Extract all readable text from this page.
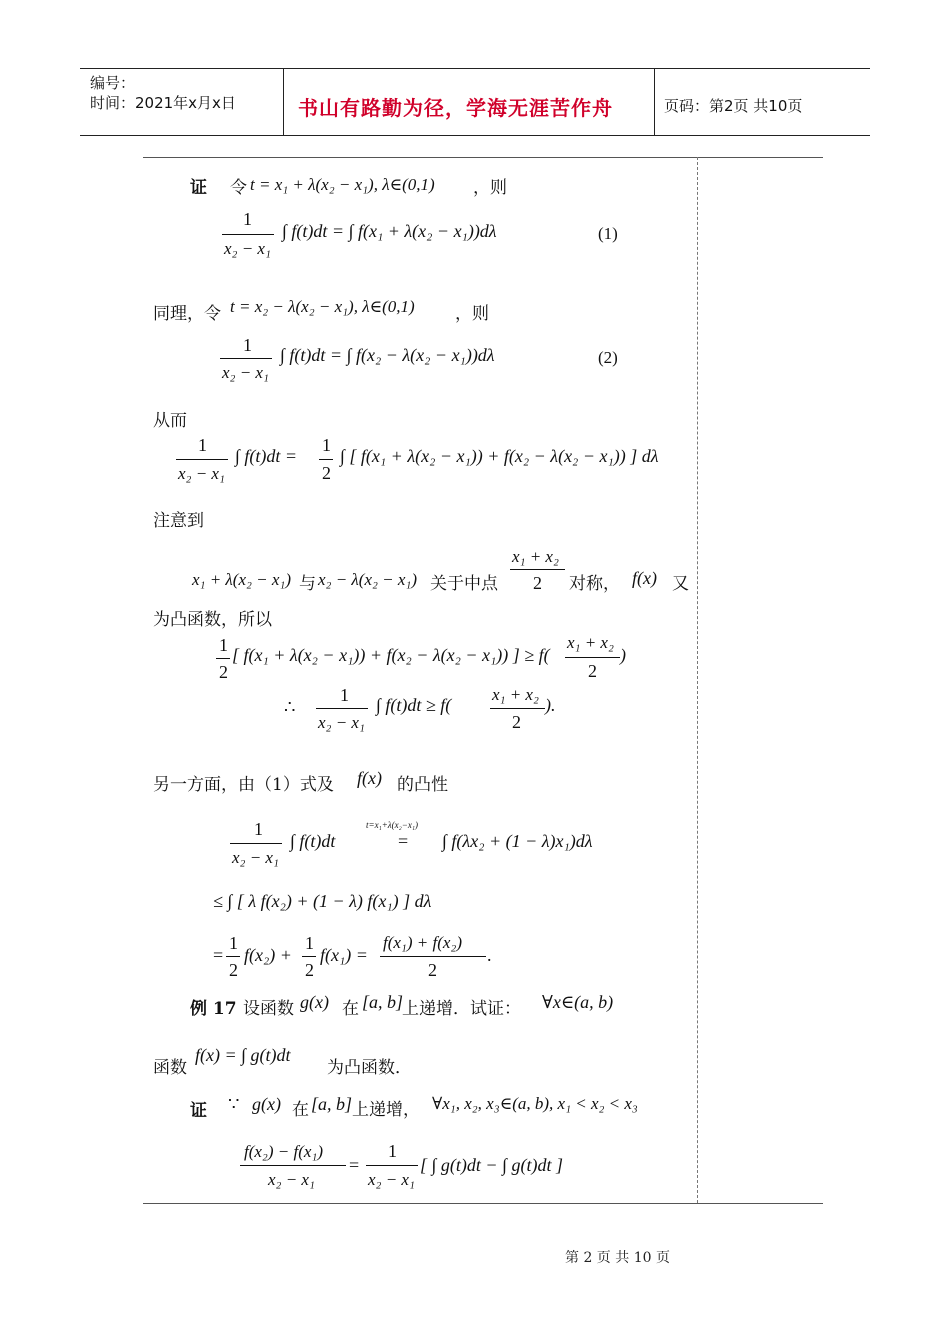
编号：
时间：2021年x月x日	书山有路勤为径，学海无涯苦作舟	页码：第2页 共10页
证 令 t = x₁ + λ(x₂ − x₁), λ∈(0,1) ，则
1
x₂ − x₁
∫ f(t)dt = ∫ f(x₁ + λ(x₂ − x₁))dλ	(1)
同理，令 t = x₂ − λ(x₂ − x₁), λ∈(0,1) ，则
1
x₂ − x₁
∫ f(t)dt = ∫ f(x₂ − λ(x₂ − x₁))dλ	(2)
从而
1
x₂ − x₁
∫ f(t)dt =
1
2
∫ [ f(x₁ + λ(x₂ − x₁)) + f(x₂ − λ(x₂ − x₁)) ] dλ
注意到
x₁ + λ(x₂ − x₁) 与 x₂ − λ(x₂ − x₁) 关于中点
x₁ + x₂
2 对称， f(x) 又
为凸函数，所以
1
2
[ f(x₁ + λ(x₂ − x₁)) + f(x₂ − λ(x₂ − x₁)) ] ≥ f(
x₁ + x₂
2
)
∴
1
x₂ − x₁
∫ f(t)dt ≥ f(
x₁ + x₂
2
).
另一方面，由（1）式及 f(x) 的凸性
1
x₂ − x₁
∫ f(t)dt
t=x₁+λ(x₂−x₁)
= ∫ f(λx₂ + (1 − λ)x₁)dλ
≤ ∫ [ λ f(x₂) + (1 − λ) f(x₁) ] dλ
=
1
2
f(x₂) +
1
2
f(x₁) =
f(x₁) + f(x₂)
2
.
例 17 设函数 g(x) 在 [a, b]
上递增．试证： ∀x∈(a, b)
函数
f(x) = ∫ g(t)dt
为凸函数．
证 ∵ g(x) 在 [a, b] 上递增， ∀x₁, x₂, x₃∈(a, b), x₁ < x₂ < x₃
f(x₂) − f(x₁)
x₂ − x₁
=
1
x₂ − x₁
[ ∫ g(t)dt − ∫ g(t)dt ]
第 2 页 共 10 页
